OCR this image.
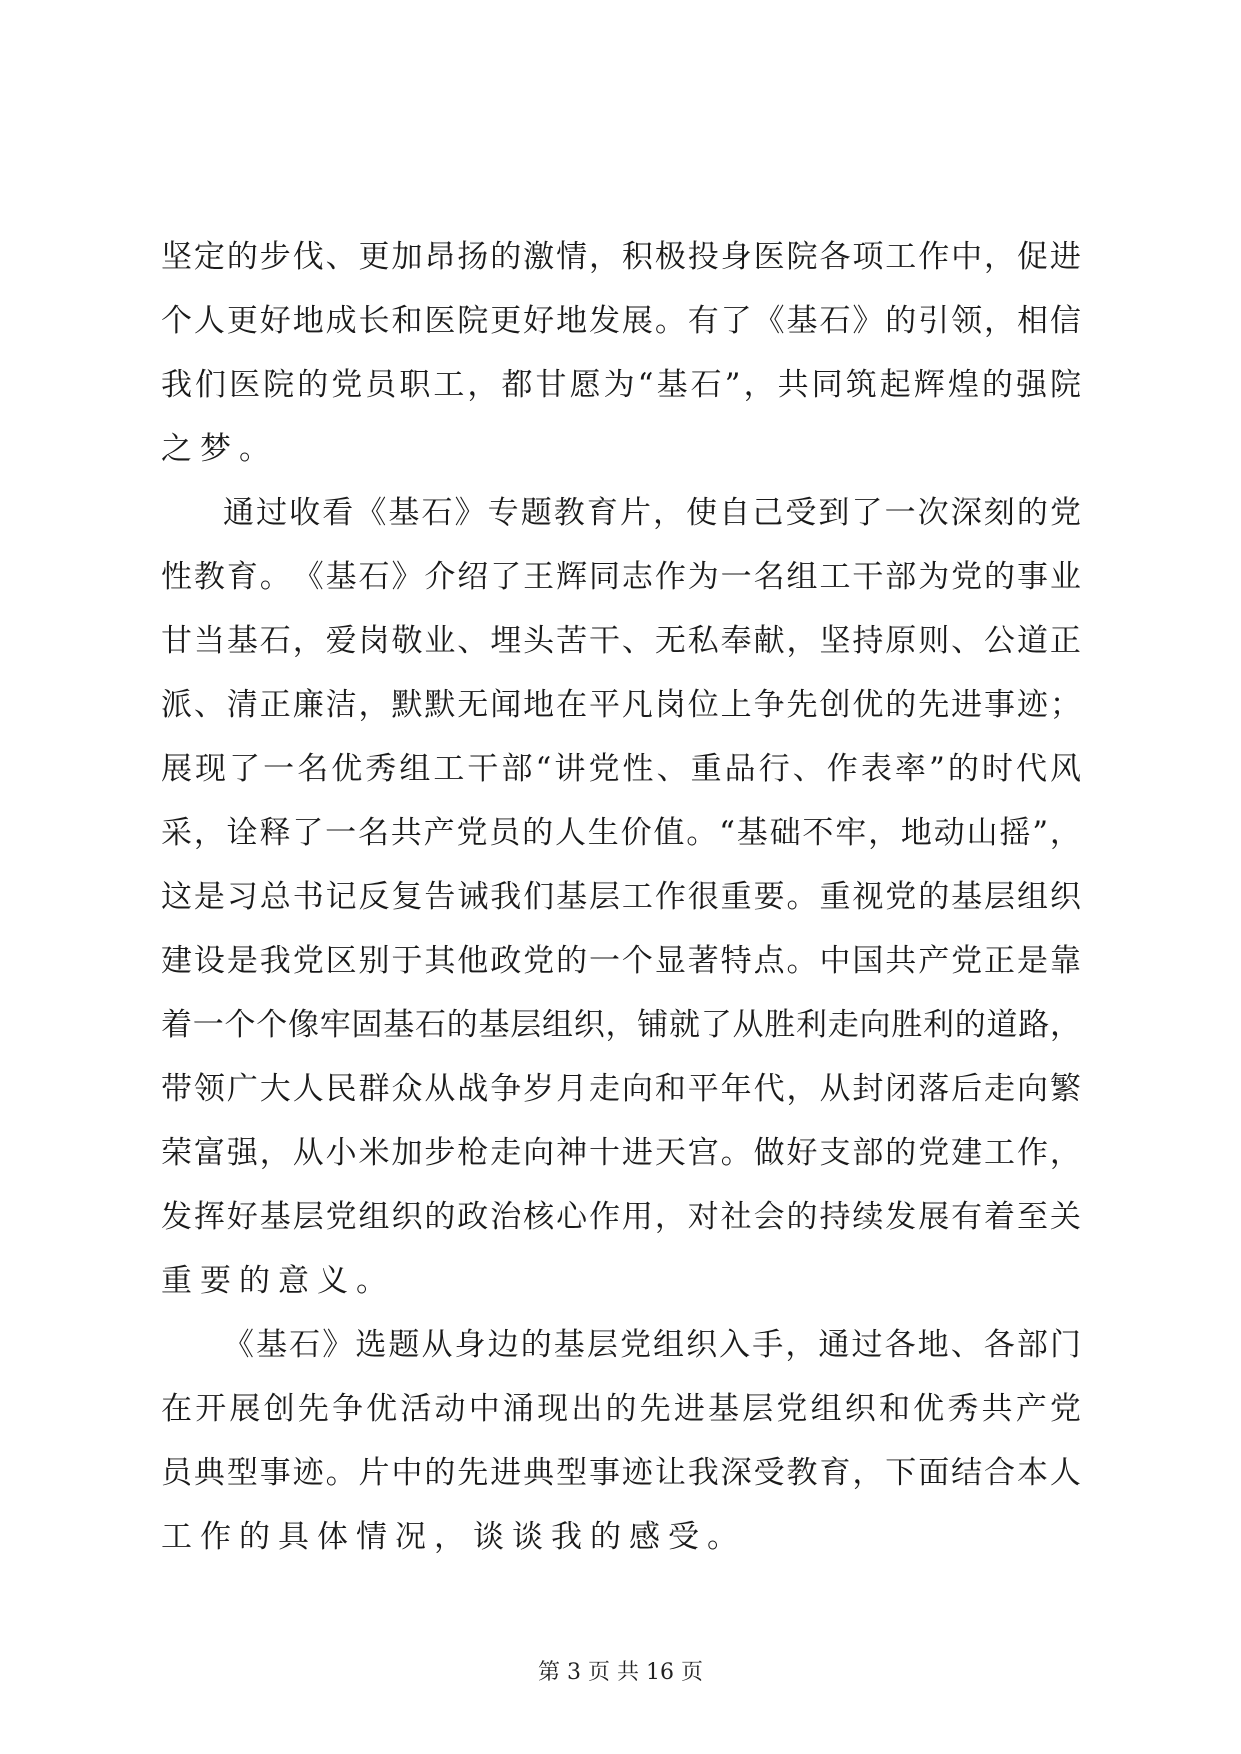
坚 定 的 步 伐 、 更 加 昂 扬 的 激 情 ， 积 极 投 身 医 院 各 项 工 作 中 ， 促 进
个 人 更 好 地 成 长 和 医 院 更 好 地 发 展 。 有 了 《 基 石 》 的 引 领 ， 相 信
我 们 医 院 的 党 员 职 工 ， 都 甘 愿 为 “ 基 石 ” ， 共 同 筑 起 辉 煌 的 强 院
之梦。
通 过 收 看 《 基 石 》 专 题 教 育 片 ， 使 自 己 受 到 了 一 次 深 刻 的 党
性 教 育 。 《 基 石 》 介 绍 了 王 辉 同 志 作 为 一 名 组 工 干 部 为 党 的 事 业
甘 当 基 石 ， 爱 岗 敬 业 、 埋 头 苦 干 、 无 私 奉 献 ， 坚 持 原 则 、 公 道 正
派 、 清 正 廉 洁 ， 默 默 无 闻 地 在 平 凡 岗 位 上 争 先 创 优 的 先 进 事 迹 ；
展 现 了 一 名 优 秀 组 工 干 部 “ 讲 党 性 、 重 品 行 、 作 表 率 ” 的 时 代 风
采 ， 诠 释 了 一 名 共 产 党 员 的 人 生 价 值 。 “ 基 础 不 牢 ， 地 动 山 摇 ” ，
这 是 习 总 书 记 反 复 告 诫 我 们 基 层 工 作 很 重 要 。 重 视 党 的 基 层 组 织
建 设 是 我 党 区 别 于 其 他 政 党 的 一 个 显 著 特 点 。 中 国 共 产 党 正 是 靠
着 一 个 个 像 牢 固 基 石 的 基 层 组 织 ， 铺 就 了 从 胜 利 走 向 胜 利 的 道 路 ，
带 领 广 大 人 民 群 众 从 战 争 岁 月 走 向 和 平 年 代 ， 从 封 闭 落 后 走 向 繁
荣 富 强 ， 从 小 米 加 步 枪 走 向 神 十 进 天 宫 。 做 好 支 部 的 党 建 工 作 ，
发 挥 好 基 层 党 组 织 的 政 治 核 心 作 用 ， 对 社 会 的 持 续 发 展 有 着 至 关
重要的意义。
《 基 石 》 选 题 从 身 边 的 基 层 党 组 织 入 手 ， 通 过 各 地 、 各 部 门
在 开 展 创 先 争 优 活 动 中 涌 现 出 的 先 进 基 层 党 组 织 和 优 秀 共 产 党
员 典 型 事 迹 。 片 中 的 先 进 典 型 事 迹 让 我 深 受 教 育 ， 下 面 结 合 本 人
工作的具体情况，谈谈我的感受。
第 3 页 共 16 页
